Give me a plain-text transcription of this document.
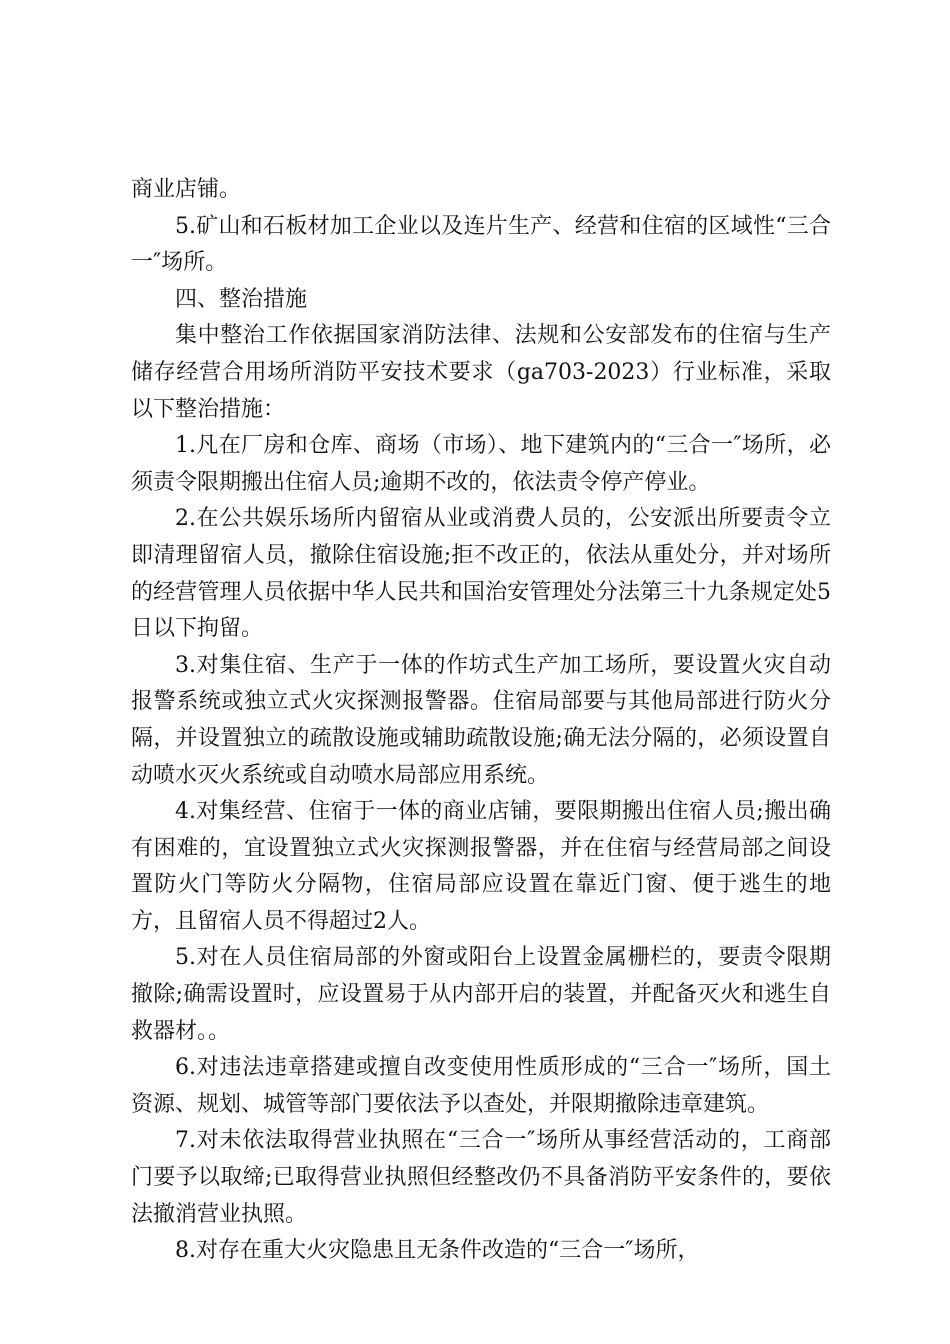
商业店铺。

5.矿山和石板材加工企业以及连片生产、经营和住宿的区域性“三合一″场所。

四、整治措施

集中整治工作依据国家消防法律、法规和公安部发布的住宿与生产储存经营合用场所消防平安技术要求（ga703-2023）行业标准，采取以下整治措施：

1.凡在厂房和仓库、商场（市场）、地下建筑内的“三合一″场所，必须责令限期搬出住宿人员;逾期不改的，依法责令停产停业。

2.在公共娱乐场所内留宿从业或消费人员的，公安派出所要责令立即清理留宿人员，撤除住宿设施;拒不改正的，依法从重处分，并对场所的经营管理人员依据中华人民共和国治安管理处分法第三十九条规定处5日以下拘留。

3.对集住宿、生产于一体的作坊式生产加工场所，要设置火灾自动报警系统或独立式火灾探测报警器。住宿局部要与其他局部进行防火分隔，并设置独立的疏散设施或辅助疏散设施;确无法分隔的，必须设置自动喷水灭火系统或自动喷水局部应用系统。

4.对集经营、住宿于一体的商业店铺，要限期搬出住宿人员;搬出确有困难的，宜设置独立式火灾探测报警器，并在住宿与经营局部之间设置防火门等防火分隔物，住宿局部应设置在靠近门窗、便于逃生的地方，且留宿人员不得超过2人。

5.对在人员住宿局部的外窗或阳台上设置金属栅栏的，要责令限期撤除;确需设置时，应设置易于从内部开启的装置，并配备灭火和逃生自救器材。。

6.对违法违章搭建或擅自改变使用性质形成的“三合一″场所，国土资源、规划、城管等部门要依法予以查处，并限期撤除违章建筑。

7.对未依法取得营业执照在“三合一″场所从事经营活动的，工商部门要予以取缔;已取得营业执照但经整改仍不具备消防平安条件的，要依法撤消营业执照。

8.对存在重大火灾隐患且无条件改造的“三合一″场所，
